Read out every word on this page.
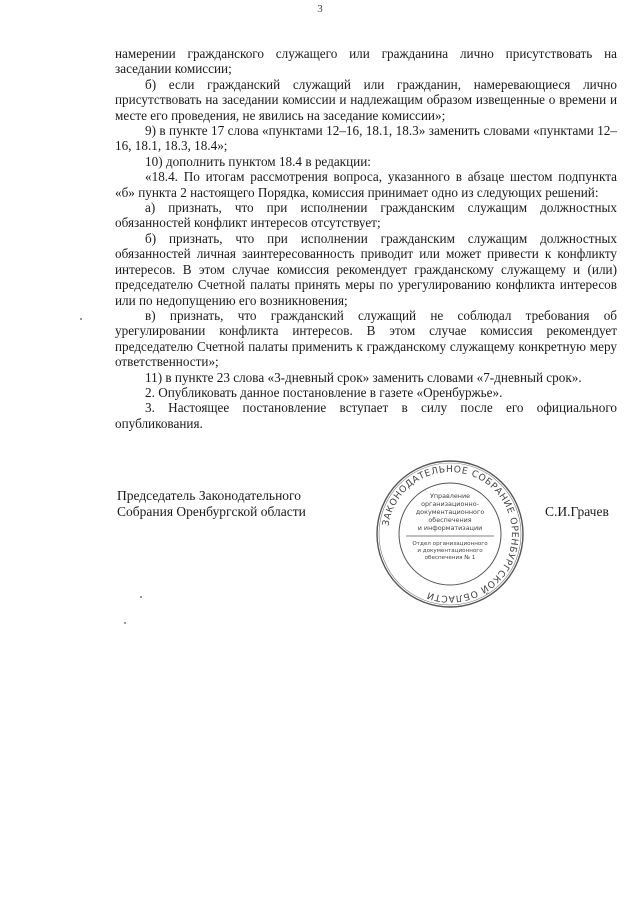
3

намерении гражданского служащего или гражданина лично присутствовать на заседании комиссии;

б) если гражданский служащий или гражданин, намеревающиеся лично присутствовать на заседании комиссии и надлежащим образом извещенные о времени и месте его проведения, не явились на заседание комиссии»;

9) в пункте 17 слова «пунктами 12–16, 18.1, 18.3» заменить словами «пунктами 12–16, 18.1, 18.3, 18.4»;

10) дополнить пунктом 18.4 в редакции:

«18.4. По итогам рассмотрения вопроса, указанного в абзаце шестом подпункта «б» пункта 2 настоящего Порядка, комиссия принимает одно из следующих решений:

а) признать, что при исполнении гражданским служащим должностных обязанностей конфликт интересов отсутствует;

б) признать, что при исполнении гражданским служащим должностных обязанностей личная заинтересованность приводит или может привести к конфликту интересов. В этом случае комиссия рекомендует гражданскому служащему и (или) председателю Счетной палаты принять меры по урегулированию конфликта интересов или по недопущению его возникновения;

в) признать, что гражданский служащий не соблюдал требования об урегулировании конфликта интересов. В этом случае комиссия рекомендует председателю Счетной палаты применить к гражданскому служащему конкретную меру ответственности»;

11) в пункте 23 слова «3-дневный срок» заменить словами «7-дневный срок».

2. Опубликовать данное постановление в газете «Оренбуржье».

3. Настоящее постановление вступает в силу после его официального опубликования.

Председатель Законодательного
Собрания Оренбургской области
ЗАКОНОДАТЕЛЬНОЕ СОБРАНИЕ ОРЕНБУРГСКОЙ ОБЛАСТИ
Управление
организационно-
документационного
обеспечения
и информатизации
Отдел организационного
и документационного
обеспечения № 1
С.И.Грачев
